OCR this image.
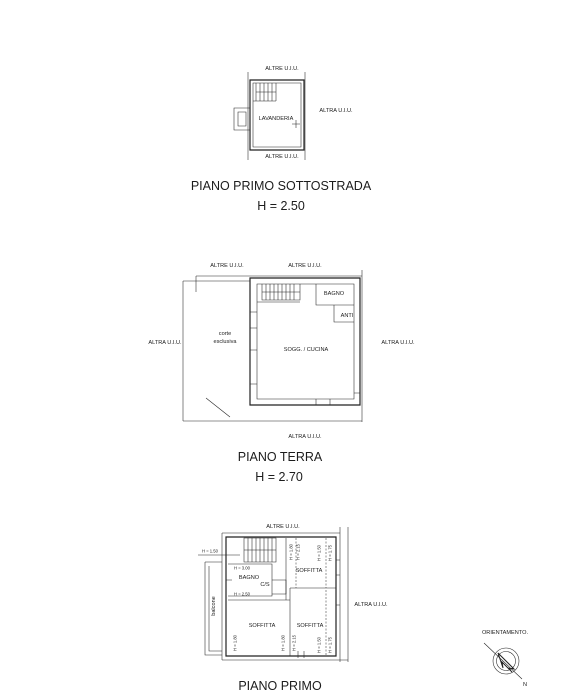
ALTRE U.I.U.
LAVANDERIA
ALTRA U.I.U.
ALTRE U.I.U.
PIANO PRIMO SOTTOSTRADA
H = 2.50
ALTRE U.I.U.	ALTRE U.I.U.
BAGNO
ANTI
corte
esclusiva
ALTRA U.I.U.
SOGG. / CUCINA
ALTRA U.I.U.
ALTRA U.I.U.
PIANO TERRA
H = 2.70
ALTRE U.I.U.
H = 1.50
H = 3.00	SOFFITTA
BAGNO
C/S
H = 2.50
balcone	ALTRA U.I.U.
SOFFITTA	SOFFITTA
H = 1.80 H = 2.15	H = 1.50 H = 1.75
H = 1.80	H = 1.80 H = 2.15	H = 1.50 H = 1.75
PIANO PRIMO
ORIENTAMENTO.
N
